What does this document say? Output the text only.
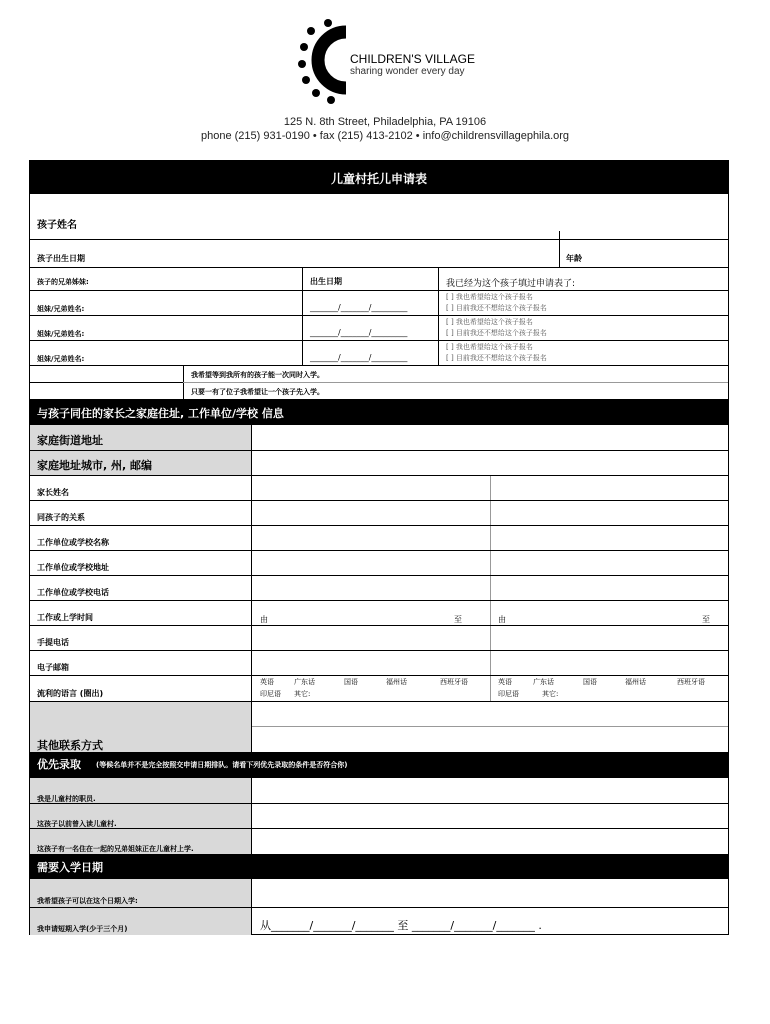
CHILDREN'S VILLAGE
sharing wonder every day
125 N. 8th Street, Philadelphia, PA 19106
phone (215) 931-0190 • fax (215) 413-2102 • info@childrensvillagephila.org
儿童村托儿申请表
孩子姓名
孩子出生日期	年龄
孩子的兄弟姊妹:	出生日期	我已经为这个孩子填过申请表了:
姐妹/兄弟姓名:	_______/_______/_________
[ ] 我也希望给这个孩子报名
[ ] 目前我还不想给这个孩子报名
姐妹/兄弟姓名:	_______/_______/_________
[ ] 我也希望给这个孩子报名
[ ] 目前我还不想给这个孩子报名
姐妹/兄弟姓名:	_______/_______/_________
[ ] 我也希望给这个孩子报名
[ ] 目前我还不想给这个孩子报名
我希望等到我所有的孩子能一次同时入学。
只要一有了位子我希望让一个孩子先入学。
与孩子同住的家长之家庭住址, 工作单位/学校 信息
家庭街道地址
家庭地址城市, 州, 邮编
家长姓名
同孩子的关系
工作单位或学校名称
工作单位或学校地址
工作单位或学校电话
工作或上学时间	由	至	由	至
手提电话
电子邮箱
流利的语言 (圈出)
英语	广东话	国语	福州话	西班牙语
印尼语 其它:
英语	广东话	国语	福州话	西班牙语
印尼语	其它:
其他联系方式
优先录取 (等候名单并不是完全按照交申请日期排队。请看下列优先录取的条件是否符合你)
我是儿童村的职员.
这孩子以前曾入读儿童村.
这孩子有一名住在一起的兄弟姐妹正在儿童村上学.
需要入学日期
我希望孩子可以在这个日期入学:
我申请短期入学(少于三个月)	从_______/_______/_______ 至 _______/_______/_______ .
